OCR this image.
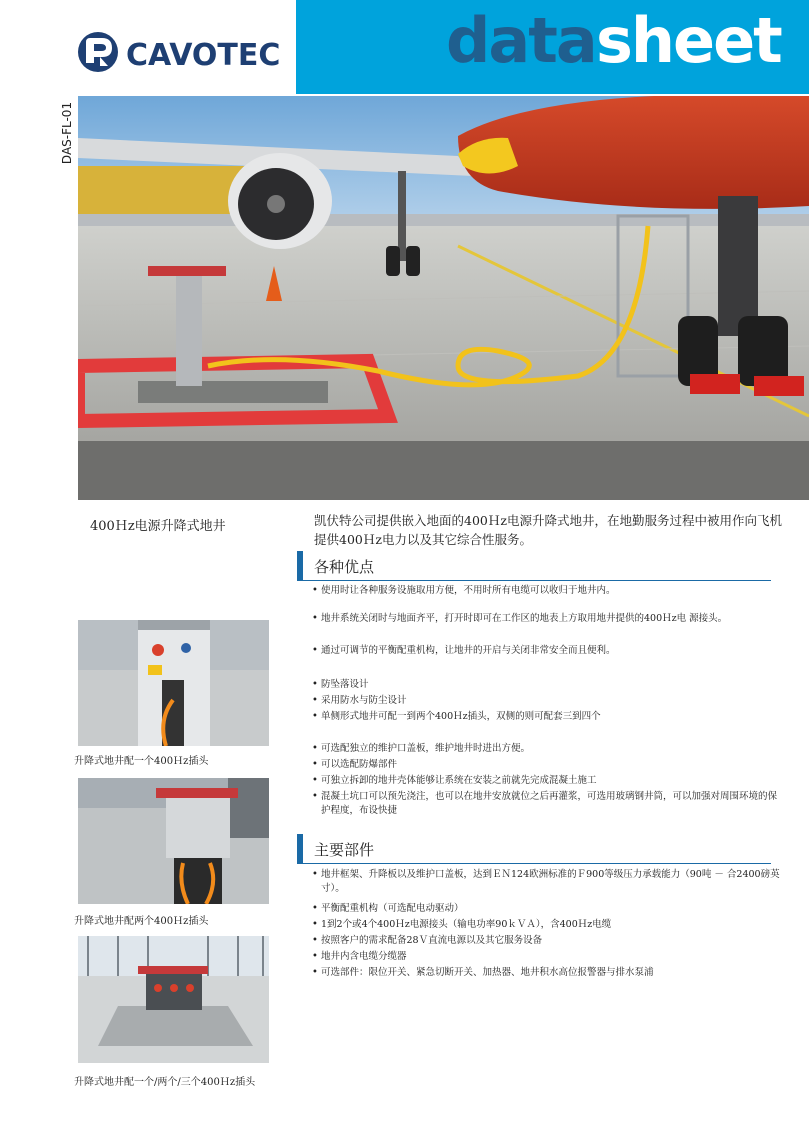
CAVOTEC	data sheet
DAS-FL-01
400Ｈz电源升降式地井	凯伏特公司提供嵌入地面的400Ｈz电源升降式地井，在地勤服务过程中被用作向飞机提供400Ｈz电力以及其它综合性服务。
各种优点
• 使用时让各种服务设施取用方便，不用时所有电缆可以收归于地井内。
• 地井系统关闭时与地面齐平，打开时即可在工作区的地表上方取用地井提供的400Ｈz电 源接头。
• 通过可调节的平衡配重机构，让地井的开启与关闭非常安全而且便利。
• 防坠落设计
• 采用防水与防尘设计
• 单侧形式地井可配一到两个400Ｈz插头，双侧的则可配套三到四个
• 可选配独立的维护口盖板，维护地井时进出方便。
• 可以选配防爆部件
• 可独立拆卸的地井壳体能够让系统在安装之前就先完成混凝土施工
• 混凝土坑口可以预先浇注，也可以在地井安放就位之后再灌浆，可选用玻璃钢井筒，可以加强对周围环境的保护程度，布设快捷
主要部件
• 地井框架、升降板以及维护口盖板，达到ＥＮ124欧洲标准的Ｆ900等级压力承载能力（90吨 － 合2400磅英寸）。
• 平衡配重机构（可选配电动驱动）
• 1到2个或4个400Ｈz电源接头（输电功率90ｋＶＡ），含400Ｈz电缆
• 按照客户的需求配备28Ｖ直流电源以及其它服务设备
• 地井内含电缆分缆器
• 可选部件：限位开关、紧急切断开关、加热器、地井积水高位报警器与排水泵浦
升降式地井配一个400Ｈz插头
升降式地井配两个400Ｈz插头
升降式地井配一个/两个/三个400Ｈz插头
